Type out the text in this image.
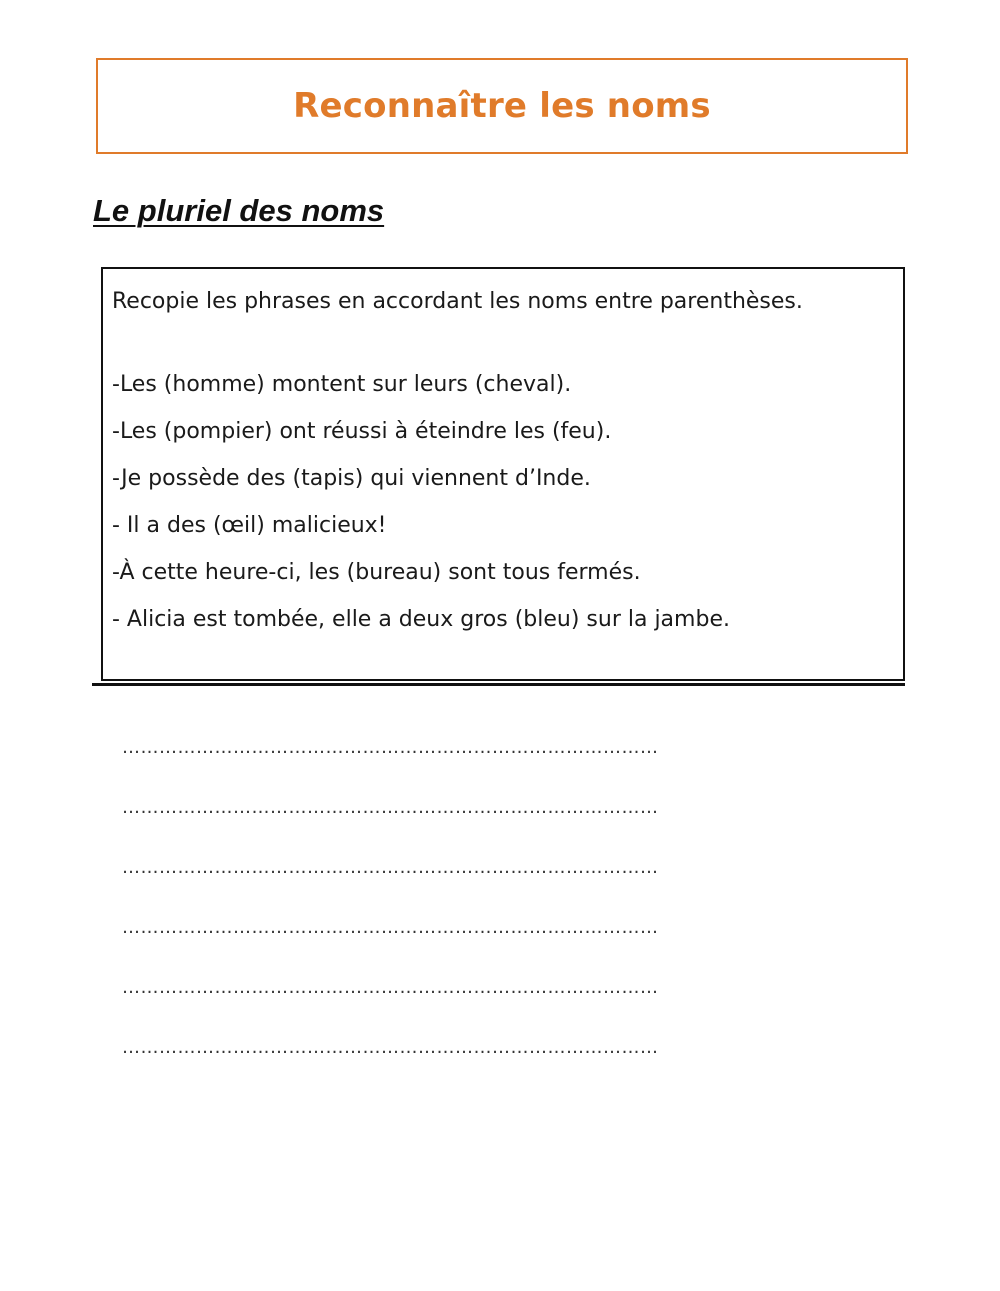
Reconnaître les noms
Le pluriel des noms

Recopie les phrases en accordant les noms entre parenthèses.

-Les (homme) montent sur leurs (cheval).
-Les (pompier) ont réussi à éteindre les (feu).
-Je possède des (tapis) qui viennent d’Inde.
- Il a des (œil) malicieux!
-À cette heure-ci, les (bureau) sont tous fermés.
- Alicia est tombée, elle a deux gros (bleu) sur la jambe.
……………………………………………………………………………
……………………………………………………………………………
……………………………………………………………………………
……………………………………………………………………………
……………………………………………………………………………
……………………………………………………………………………
